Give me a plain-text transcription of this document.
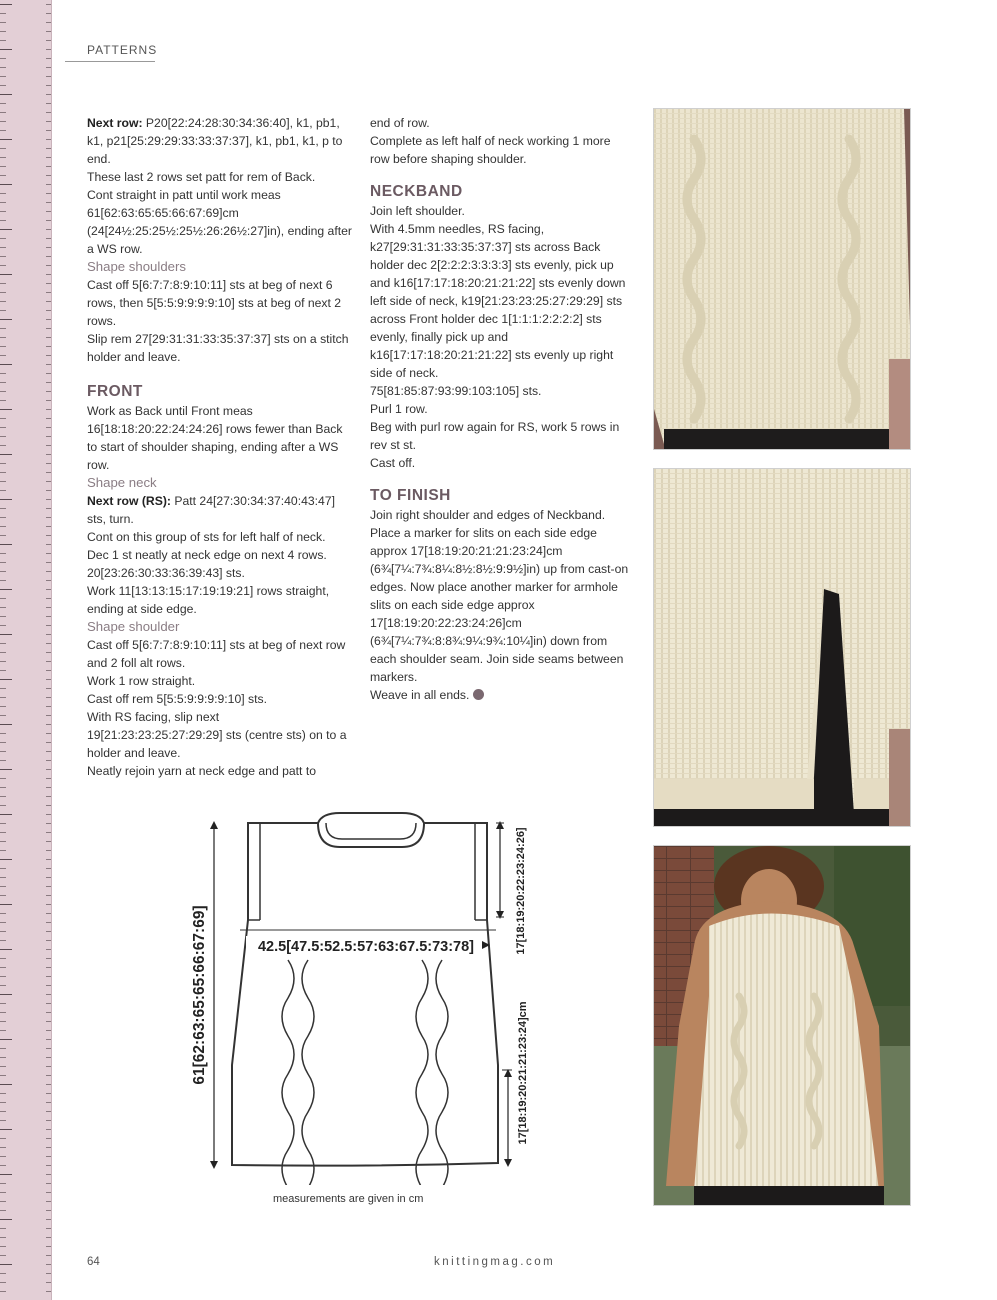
PATTERNS

Next row: P20[22:24:28:30:34:36:40], k1, pb1, k1, p21[25:29:29:33:33:37:37], k1, pb1, k1, p to end.
These last 2 rows set patt for rem of Back.
Cont straight in patt until work meas 61[62:63:65:65:66:67:69]cm (24[24½:25:25½:25½:26:26½:27]in), ending after a WS row.

Shape shoulders

Cast off 5[6:7:7:8:9:10:11] sts at beg of next 6 rows, then 5[5:5:9:9:9:9:10] sts at beg of next 2 rows.
Slip rem 27[29:31:31:33:35:37:37] sts on a stitch holder and leave.

FRONT

Work as Back until Front meas 16[18:18:20:22:24:24:26] rows fewer than Back to start of shoulder shaping, ending after a WS row.

Shape neck

Next row (RS): Patt 24[27:30:34:37:40:43:47] sts, turn.
Cont on this group of sts for left half of neck.
Dec 1 st neatly at neck edge on next 4 rows. 20[23:26:30:33:36:39:43] sts.
Work 11[13:13:15:17:19:19:21] rows straight, ending at side edge.

Shape shoulder

Cast off 5[6:7:7:8:9:10:11] sts at beg of next row and 2 foll alt rows.
Work 1 row straight.
Cast off rem 5[5:5:9:9:9:9:10] sts.
With RS facing, slip next 19[21:23:23:25:27:29:29] sts (centre sts) on to a holder and leave.
Neatly rejoin yarn at neck edge and patt to

end of row.
Complete as left half of neck working 1 more row before shaping shoulder.

NECKBAND

Join left shoulder.
With 4.5mm needles, RS facing, k27[29:31:31:33:35:37:37] sts across Back holder dec 2[2:2:2:3:3:3:3] sts evenly, pick up and k16[17:17:18:20:21:21:22] sts evenly down left side of neck, k19[21:23:23:25:27:29:29] sts across Front holder dec 1[1:1:1:2:2:2:2] sts evenly, finally pick up and k16[17:17:18:20:21:21:22] sts evenly up right side of neck.
75[81:85:87:93:99:103:105] sts.
Purl 1 row.
Beg with purl row again for RS, work 5 rows in rev st st.
Cast off.

TO FINISH

Join right shoulder and edges of Neckband. Place a marker for slits on each side edge approx 17[18:19:20:21:21:23:24]cm (6¾[7¼:7¾:8¼:8½:8½:9:9½]in) up from cast-on edges. Now place another marker for armhole slits on each side edge approx 17[18:19:20:22:23:24:26]cm (6¾[7¼:7¾:8:8¾:9¼:9¾:10¼]in) down from each shoulder seam. Join side seams between markers.
Weave in all ends.

42.5[47.5:52.5:57:63:67.5:73:78]
61[62:63:65:65:66:67:69]
17[18:19:20:22:23:24:26]
17[18:19:20:21:21:23:24]cm
measurements are given in cm
64	knittingmag.com
